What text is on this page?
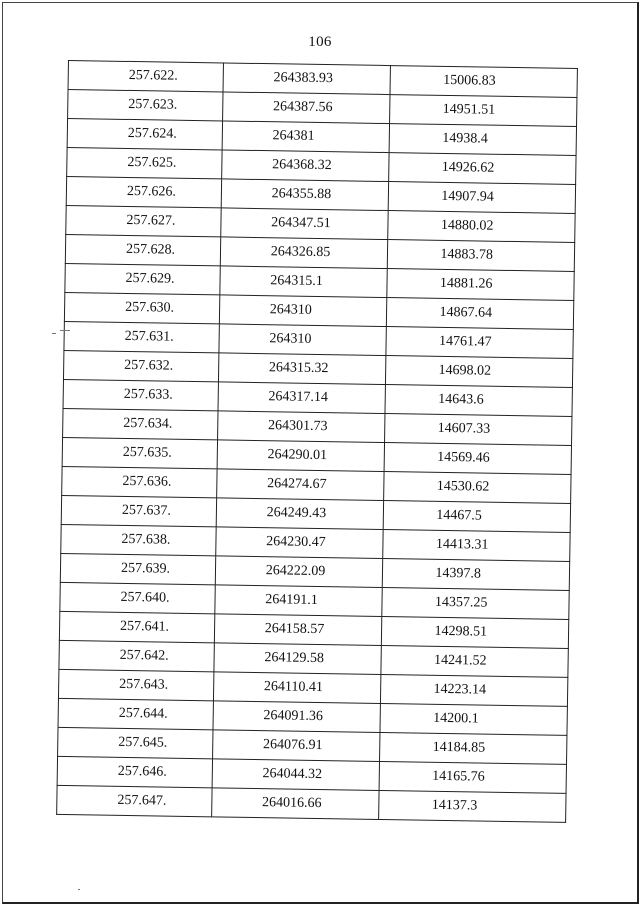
106
257.622.	264383.93	15006.83
257.623.	264387.56	14951.51
257.624.	264381	14938.4
257.625.	264368.32	14926.62
257.626.	264355.88	14907.94
257.627.	264347.51	14880.02
257.628.	264326.85	14883.78
257.629.	264315.1	14881.26
257.630.	264310	14867.64
257.631.	264310	14761.47
257.632.	264315.32	14698.02
257.633.	264317.14	14643.6
257.634.	264301.73	14607.33
257.635.	264290.01	14569.46
257.636.	264274.67	14530.62
257.637.	264249.43	14467.5
257.638.	264230.47	14413.31
257.639.	264222.09	14397.8
257.640.	264191.1	14357.25
257.641.	264158.57	14298.51
257.642.	264129.58	14241.52
257.643.	264110.41	14223.14
257.644.	264091.36	14200.1
257.645.	264076.91	14184.85
257.646.	264044.32	14165.76
257.647.	264016.66	14137.3
